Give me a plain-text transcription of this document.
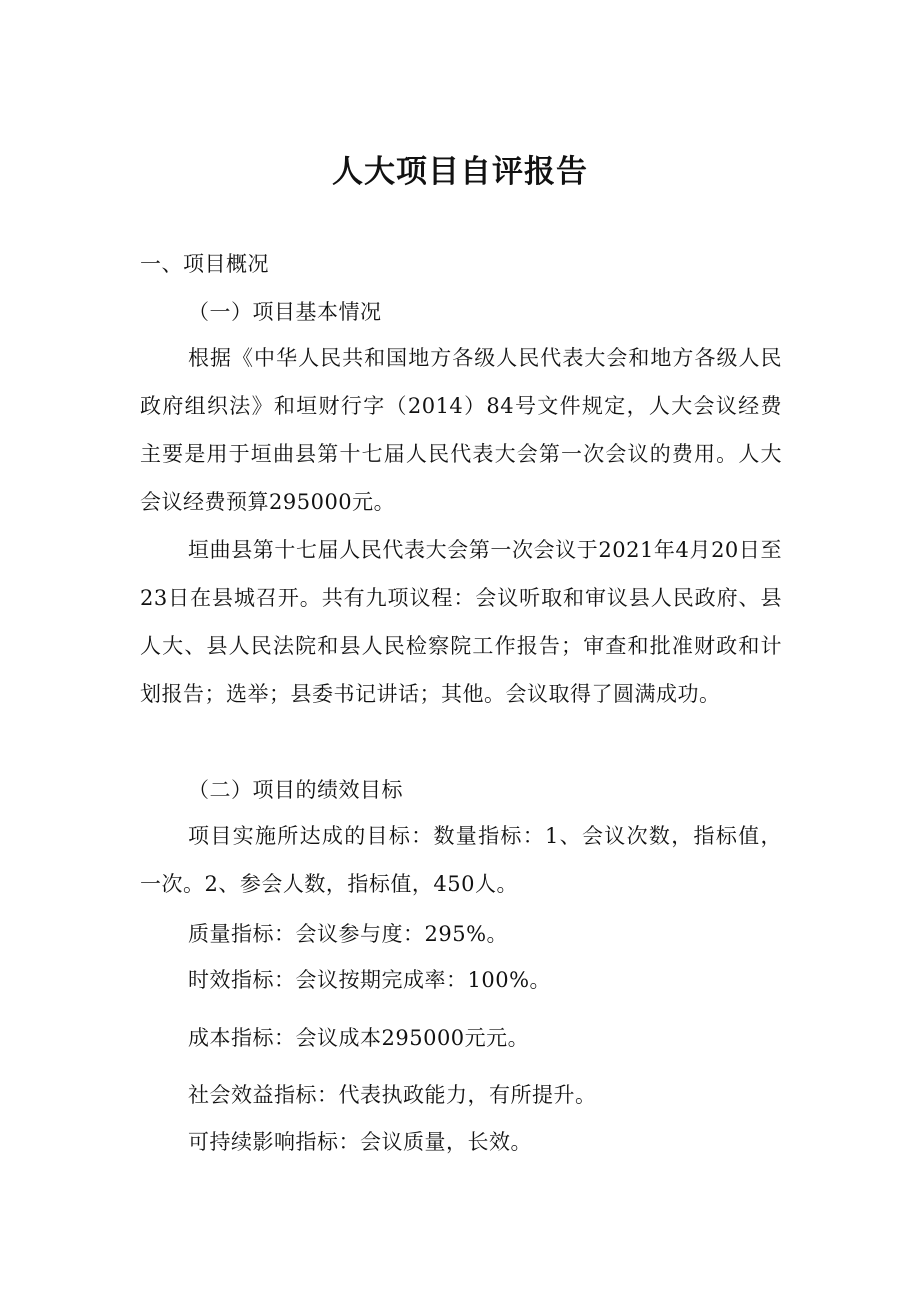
人大项目自评报告
一、项目概况
（一）项目基本情况
根据《中华人民共和国地方各级人民代表大会和地方各级人民政府组织法》和垣财行字（2014）84号文件规定，人大会议经费主要是用于垣曲县第十七届人民代表大会第一次会议的费用。人大会议经费预算295000元。
垣曲县第十七届人民代表大会第一次会议于2021年4月20日至23日在县城召开。共有九项议程：会议听取和审议县人民政府、县人大、县人民法院和县人民检察院工作报告；审查和批准财政和计划报告；选举；县委书记讲话；其他。会议取得了圆满成功。
（二）项目的绩效目标
项目实施所达成的目标：数量指标：1、会议次数，指标值，一次。2、参会人数，指标值，450人。
质量指标：会议参与度：295%。
时效指标：会议按期完成率：100%。
成本指标：会议成本295000元元。
社会效益指标：代表执政能力，有所提升。
可持续影响指标：会议质量，长效。
